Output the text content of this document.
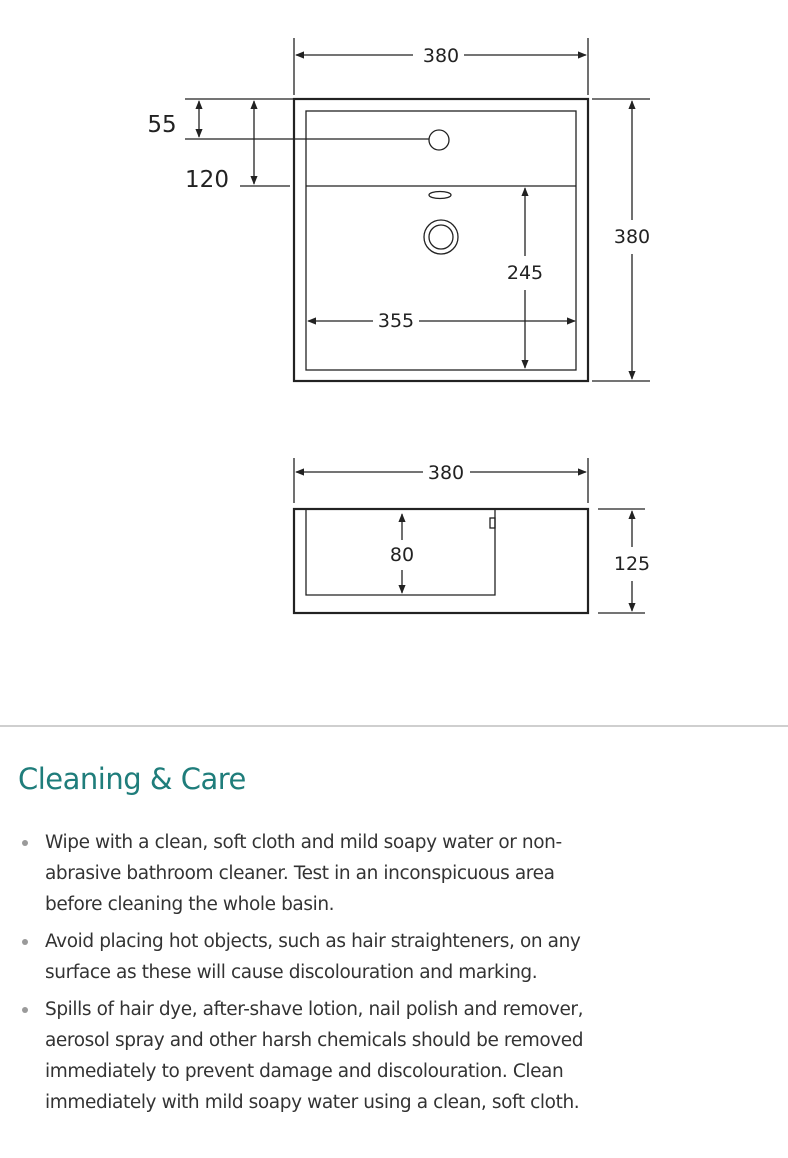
380
55
120
380
245
355
380
80	125
Cleaning & Care
Wipe with a clean, soft cloth and mild soapy water or non-
abrasive bathroom cleaner. Test in an inconspicuous area
before cleaning the whole basin.
Avoid placing hot objects, such as hair straighteners, on any
surface as these will cause discolouration and marking.
Spills of hair dye, after-shave lotion, nail polish and remover,
aerosol spray and other harsh chemicals should be removed
immediately to prevent damage and discolouration. Clean
immediately with mild soapy water using a clean, soft cloth.
